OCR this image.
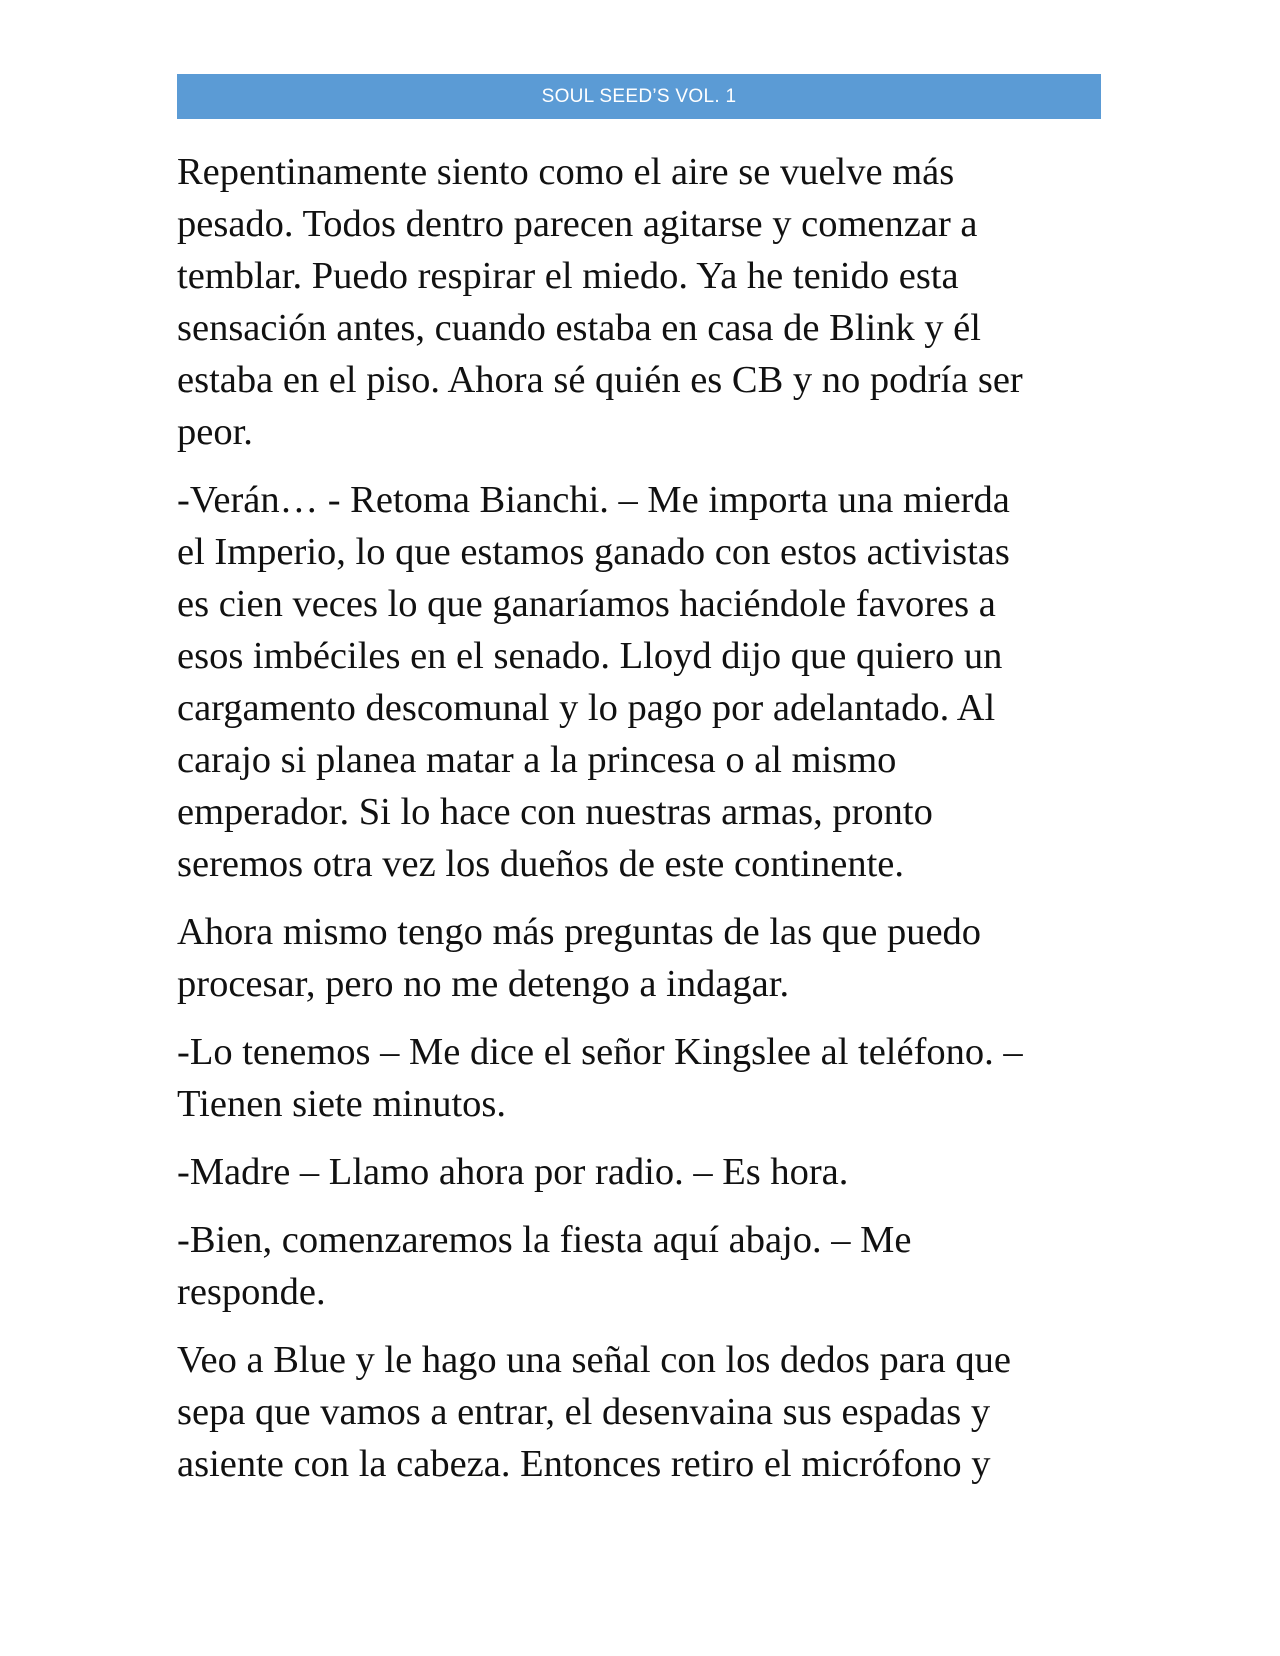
SOUL SEED’S VOL. 1

Repentinamente siento como el aire se vuelve más
pesado. Todos dentro parecen agitarse y comenzar a
temblar. Puedo respirar el miedo. Ya he tenido esta
sensación antes, cuando estaba en casa de Blink y él
estaba en el piso. Ahora sé quién es CB y no podría ser
peor.

-Verán… - Retoma Bianchi. – Me importa una mierda
el Imperio, lo que estamos ganado con estos activistas
es cien veces lo que ganaríamos haciéndole favores a
esos imbéciles en el senado. Lloyd dijo que quiero un
cargamento descomunal y lo pago por adelantado. Al
carajo si planea matar a la princesa o al mismo
emperador. Si lo hace con nuestras armas, pronto
seremos otra vez los dueños de este continente.

Ahora mismo tengo más preguntas de las que puedo
procesar, pero no me detengo a indagar.

-Lo tenemos – Me dice el señor Kingslee al teléfono. –
Tienen siete minutos.

-Madre – Llamo ahora por radio. – Es hora.

-Bien, comenzaremos la fiesta aquí abajo. – Me
responde.

Veo a Blue y le hago una señal con los dedos para que
sepa que vamos a entrar, el desenvaina sus espadas y
asiente con la cabeza. Entonces retiro el micrófono y
